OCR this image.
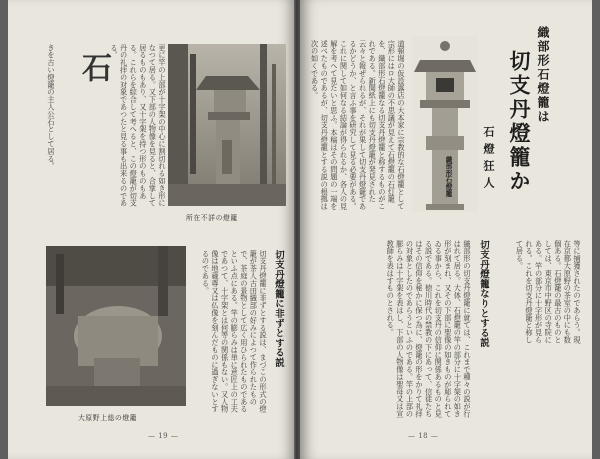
更に竿の上部が十字架の中心に割切れる如き形になつて居る。又下部の人物像を見ると、合掌して居るものもあり、又十字架を持つ形のものもある。これらを綜合して考へると、この燈籠が切支丹の礼拝の対象であつたと見る事も出来るのである。
石
きを古い燈籠の主人公石として居る。
所在不詳の燈籠
大原野上総の燈籠
切支丹燈籠に非ずとする説
切支丹燈籠に非ずとする説は、まづこの形式の燈籠が茶人古田織部の好みによつて作られたもので、茶庭の景物として広く用ひられたものであるといふ点にある。竿の膨らみは単に意匠上の工夫であつて、十字架とは何等の関係もない。又人物像は地蔵尊又は仏像を刻んだものに過ぎないとするのである。
— 19 —
織部形石燈籠は
切支丹燈籠か
石燈狂人
織部形石燈籠
道頓堀の仮設露店の大本家に宗教的な石燈籠として宗形にはロ大師の不思議が見えて石燈籠の石灯籠を、織部形石燈籠なる切支丹燈籠と称するものがこれである。新聞紙上にも切支丹燈籠が発見された云々と報ぜられるが、それが果して切支丹燈籠であるかどうか、と言ふ事を研究して見る必要がある。これに関して如何なる結論が得られるか、各人の見解を考へて見たいと思ふ。本稿はその問題の一端を述べたものであるが、切支丹燈籠とする説の根拠は次の如くである。
切支丹燈籠なりとする説
織部形の切支丹燈籠に就ては、これまで種々の説が行はれて居る。大体、石燈籠の竿の部分に十字架の如き形が刻まれ、又その下部に聖像の如きものが彫られてゐる事から、これを切支丹の信仰に関係あるものと見る説である。徳川時代の禁教の下にあって、信徒たちはその信仰を秘かに保つ為に、燈籠の形をかりて礼拝の対象としたのであらうといふのである。竿の上部の膨らみは十字架を表はし、下部の人物像は聖母又は宣教師を表はすものとされる。	等に捕獲されたのであらう。現在京都大原野の茶室の中にも数個ある。石燈籠の最古のものとしては、東京市中野区の寺院にある。竿の部分に十字形が見られる。これを切支丹燈籠と称して居る。
— 18 —
